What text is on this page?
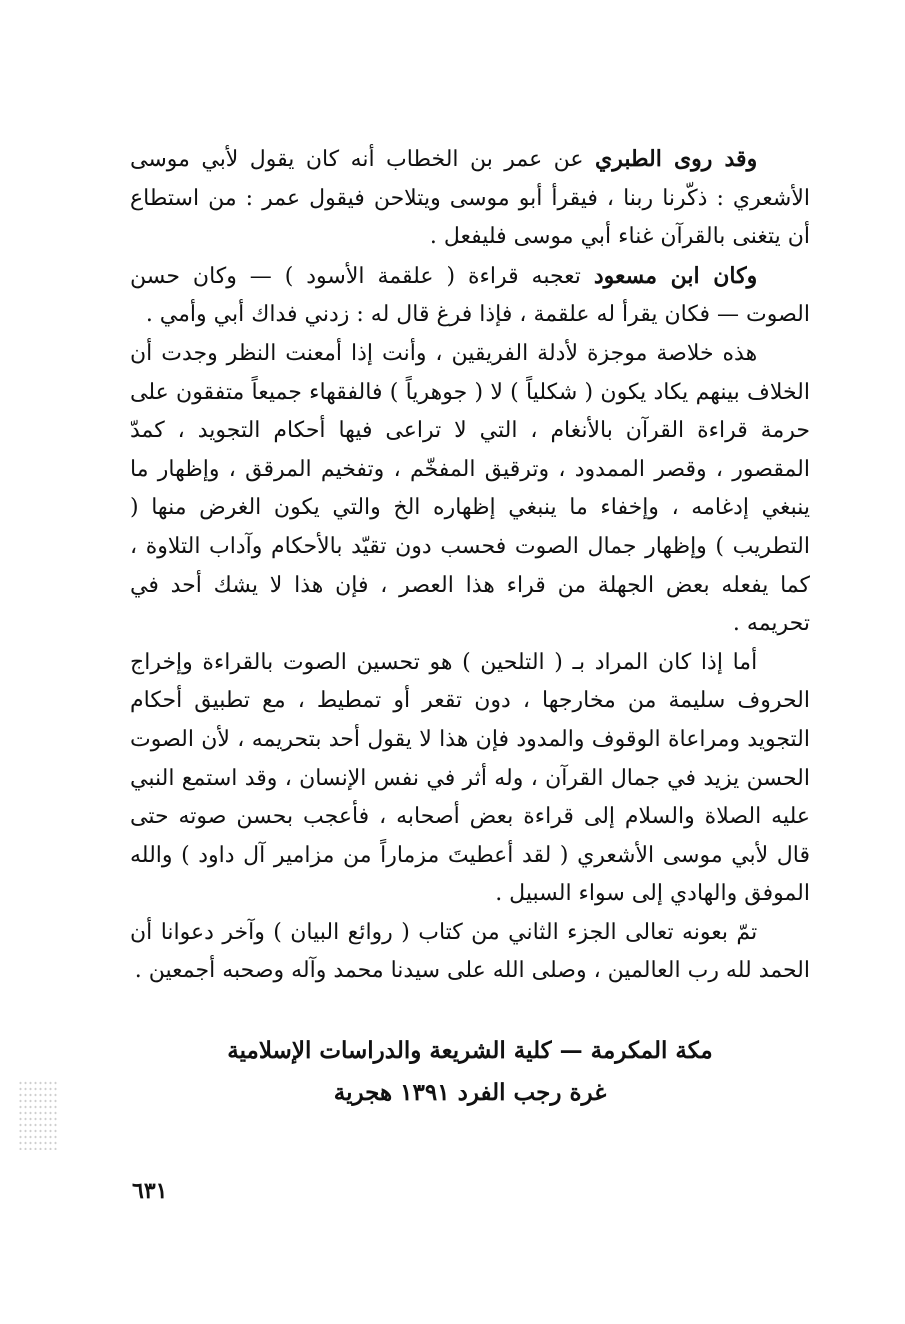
وقد روى الطبري عن عمر بن الخطاب أنه كان يقول لأبي موسى الأشعري : ذكّرنا ربنا ، فيقرأ أبو موسى ويتلاحن فيقول عمر : من استطاع أن يتغنى بالقرآن غناء أبي موسى فليفعل .

وكان ابن مسعود تعجبه قراءة ( علقمة الأسود ) — وكان حسن الصوت — فكان يقرأ له علقمة ، فإذا فرغ قال له : زدني فداك أبي وأمي .

هذه خلاصة موجزة لأدلة الفريقين ، وأنت إذا أمعنت النظر وجدت أن الخلاف بينهم يكاد يكون ( شكلياً ) لا ( جوهرياً ) فالفقهاء جميعاً متفقون على حرمة قراءة القرآن بالأنغام ، التي لا تراعى فيها أحكام التجويد ، كمدّ المقصور ، وقصر الممدود ، وترقيق المفخّم ، وتفخيم المرقق ، وإظهار ما ينبغي إدغامه ، وإخفاء ما ينبغي إظهاره الخ والتي يكون الغرض منها ( التطريب ) وإظهار جمال الصوت فحسب دون تقيّد بالأحكام وآداب التلاوة ، كما يفعله بعض الجهلة من قراء هذا العصر ، فإن هذا لا يشك أحد في تحريمه .

أما إذا كان المراد بـ ( التلحين ) هو تحسين الصوت بالقراءة وإخراج الحروف سليمة من مخارجها ، دون تقعر أو تمطيط ، مع تطبيق أحكام التجويد ومراعاة الوقوف والمدود فإن هذا لا يقول أحد بتحريمه ، لأن الصوت الحسن يزيد في جمال القرآن ، وله أثر في نفس الإنسان ، وقد استمع النبي عليه الصلاة والسلام إلى قراءة بعض أصحابه ، فأعجب بحسن صوته حتى قال لأبي موسى الأشعري ( لقد أعطيتَ مزماراً من مزامير آل داود ) والله الموفق والهادي إلى سواء السبيل .

تمّ بعونه تعالى الجزء الثاني من كتاب ( روائع البيان ) وآخر دعوانا أن الحمد لله رب العالمين ، وصلى الله على سيدنا محمد وآله وصحبه أجمعين .

مكة المكرمة — كلية الشريعة والدراسات الإسلامية
غرة رجب الفرد ١٣٩١ هجرية
٦٣١
